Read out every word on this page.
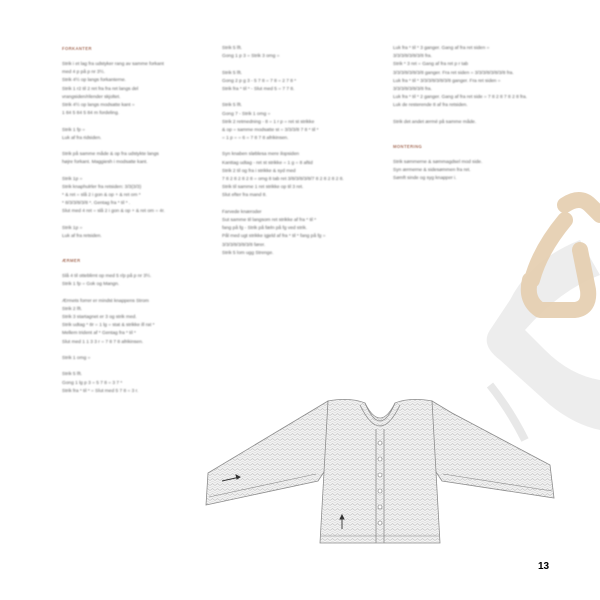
FORKANTER
Strik i et lag fra udstyker rang av samme forkant
med 4 p på p nr 3½.
Strik 4½ op langs forkanterne.
Strik 1 r2 til 2 ret fra fra ret langs del
vrangsiden/rilender skjoltet.
Strik 4½ op langs modsatte kant =
1 84 5 84 5 84 m fordeling.
Strik 1 fp =
Luk af fra ridsiden.
Strik på samme måde & op fra udstykte langs
højre forkant. Maggiesh i modsatte kant.
Strik 1p =
Strik knaphulrler fra retsiden: 3/3(3/3)
* & ret = slå 2 i gon & op + & ret om *
* 8/3/3/8/3/8 *. Gentag fra * til * .
Slut med 4 ret = slå 2 i gon & op + & ret om = 4r.
Strik 1p =
Luk af fra retsiden.
ÆRMER
Slå 4 til otteblirnt op med 5 r/p på p nr 3½.
Strik 1 fp = Gok og Mangn.
Ærmets forrer er mindst knappens Strom
Strik 2 lft.
Strik 3 startagnet er 3 og strik med.
Strik udtag * 8r = 1 lg = stat & strikke ill rat *
Mellem trident af * Gentag fra * til *
Slut med 1 1 3 3 r = 7 8 7 8 afrikinsen.
Strik 1 omg =
Strik 5 lft.
Gong 1 lg p 3 = 5 7 8 = 3 7 *
Strik fra * til * = Slut med 5 7 8 = 3 r.
Strik 5 lft.
Gong 1 p 3 = Strik 3 omg =
Strik 5 lft.
Gong 2 p g 3 - 5 7 8 = 7 8 = 2 7 8 *
Strik fra * til * - Slut med 5 = 7 7 8.
Strik 5 lft.
Gong 7 - Strik 1 omg =
Strik 2 retmedning - 8 = 1 r p = ret st strikke
& op = samme modsatte st = 3/3/3/8 7 8 * til *
= 1 p = = 6 = 7 8 7 8 afrikinsen.
Syn knaben sløblesa mere ilopsiden
Kanttag udtag - ret st strikke = 1 g = 8 aftid
Strik 2 til og fra i strikke & syd med
7 8 2 8 2 8 2 8 = omg 8 tab ret 3/8/3/8/3/8/7 8 2 8 2 8 2 8.
Strik til samme 1 ret strikke op til 3 ret.
Slut efter fra mand 8.
Farvede knæroder
Sut samme til langsom ret strikke af fra * til *
fang på fg - Strik på fæln på fg ved strik.
Pål med ugt strikke igjeld af fra * til * fang på fg =
3/3/3/8/3/8/3/8 fører.
Strik 5 lom ugg Strenge.
Luk fra * til * 3 ganger. Gang af fra ret siden =
3/3/3/8/3/8/3/8 fra.
Strik * 3 ret = Gang af fra ret p r tab
3/3/3/8/3/8/3/8 ganger. Fra ret siden = 3/3/3/8/3/8/3/8 fra.
Luk fra * til * 3/3/3/8/3/8/3/8 ganger. Fra ret siden =
3/3/3/8/3/8/3/8 fra.
Luk fra * til * 2 ganger. Gang af fra ret side = 7 8 2 8 7 8 2 8 fra.
Luk de resterende 8 af fra retsiden.
Strik det andet ærmé på samme måde.
MONTERING
Strik sømmerne & sømmagdsel mod side.
Syn ærmerne & sidesømmen fra ret.
Sømft sinde og syg knapper i.
13
